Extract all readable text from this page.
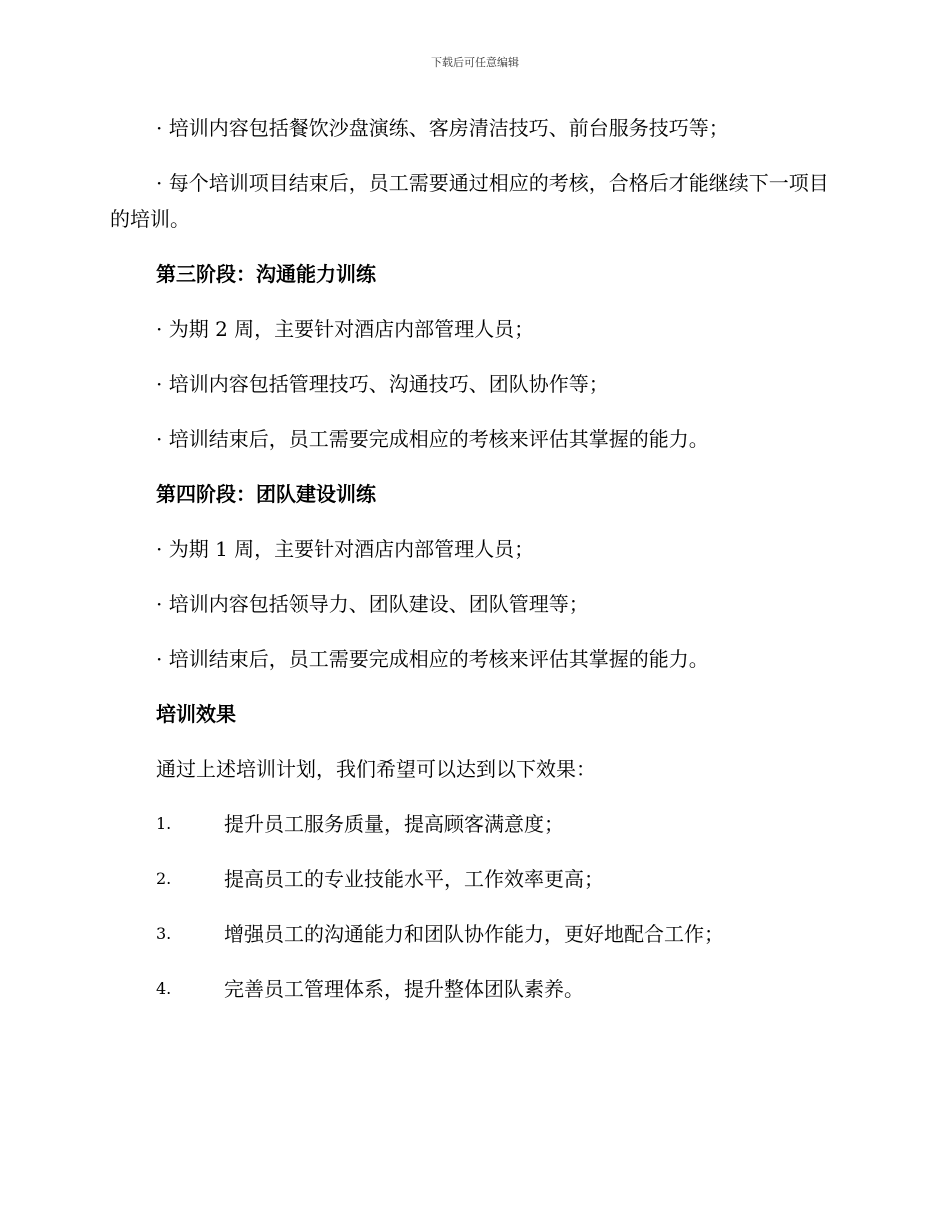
下载后可任意编辑

· 培训内容包括餐饮沙盘演练、客房清洁技巧、前台服务技巧等；

· 每个培训项目结束后，员工需要通过相应的考核，合格后才能继续下一项目的培训。

第三阶段：沟通能力训练

· 为期 2 周，主要针对酒店内部管理人员；

· 培训内容包括管理技巧、沟通技巧、团队协作等；

· 培训结束后，员工需要完成相应的考核来评估其掌握的能力。

第四阶段：团队建设训练

· 为期 1 周，主要针对酒店内部管理人员；

· 培训内容包括领导力、团队建设、团队管理等；

· 培训结束后，员工需要完成相应的考核来评估其掌握的能力。

培训效果

通过上述培训计划，我们希望可以达到以下效果：

1.	提升员工服务质量，提高顾客满意度；
2.	提高员工的专业技能水平，工作效率更高；
3.	增强员工的沟通能力和团队协作能力，更好地配合工作；
4.	完善员工管理体系，提升整体团队素养。
